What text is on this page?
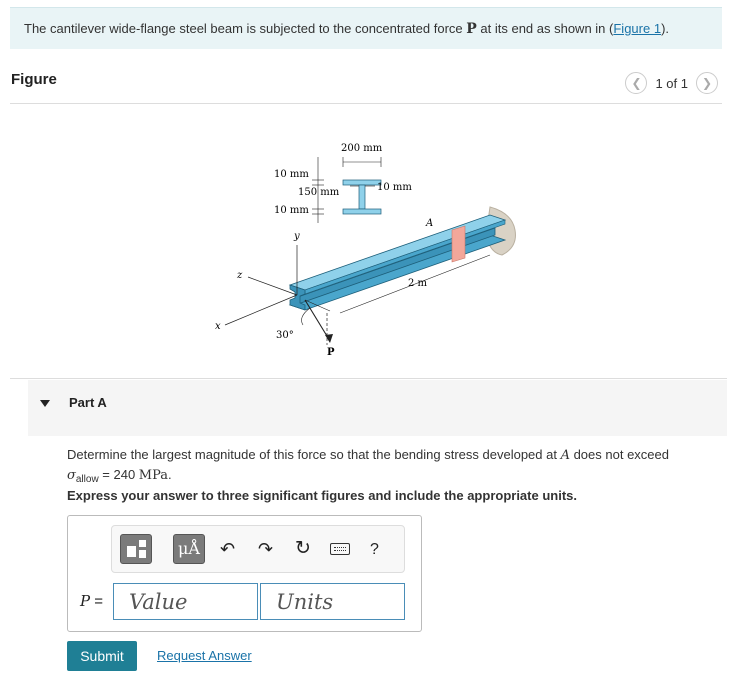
The cantilever wide-flange steel beam is subjected to the concentrated force P at its end as shown in (Figure 1).
Figure	❮ 1 of 1 ❯
y
z
x
30°
P
2 m
A
200 mm
10 mm
150 mm
10 mm
10 mm
Part A
Determine the largest magnitude of this force so that the bending stress developed at A does not exceed
$\sigma_{allow} = 240$ MPa.
Express your answer to three significant figures and include the appropriate units.
μÅ ↶ ↷ ↻	?
P =
Value
Units
Submit	Request Answer
